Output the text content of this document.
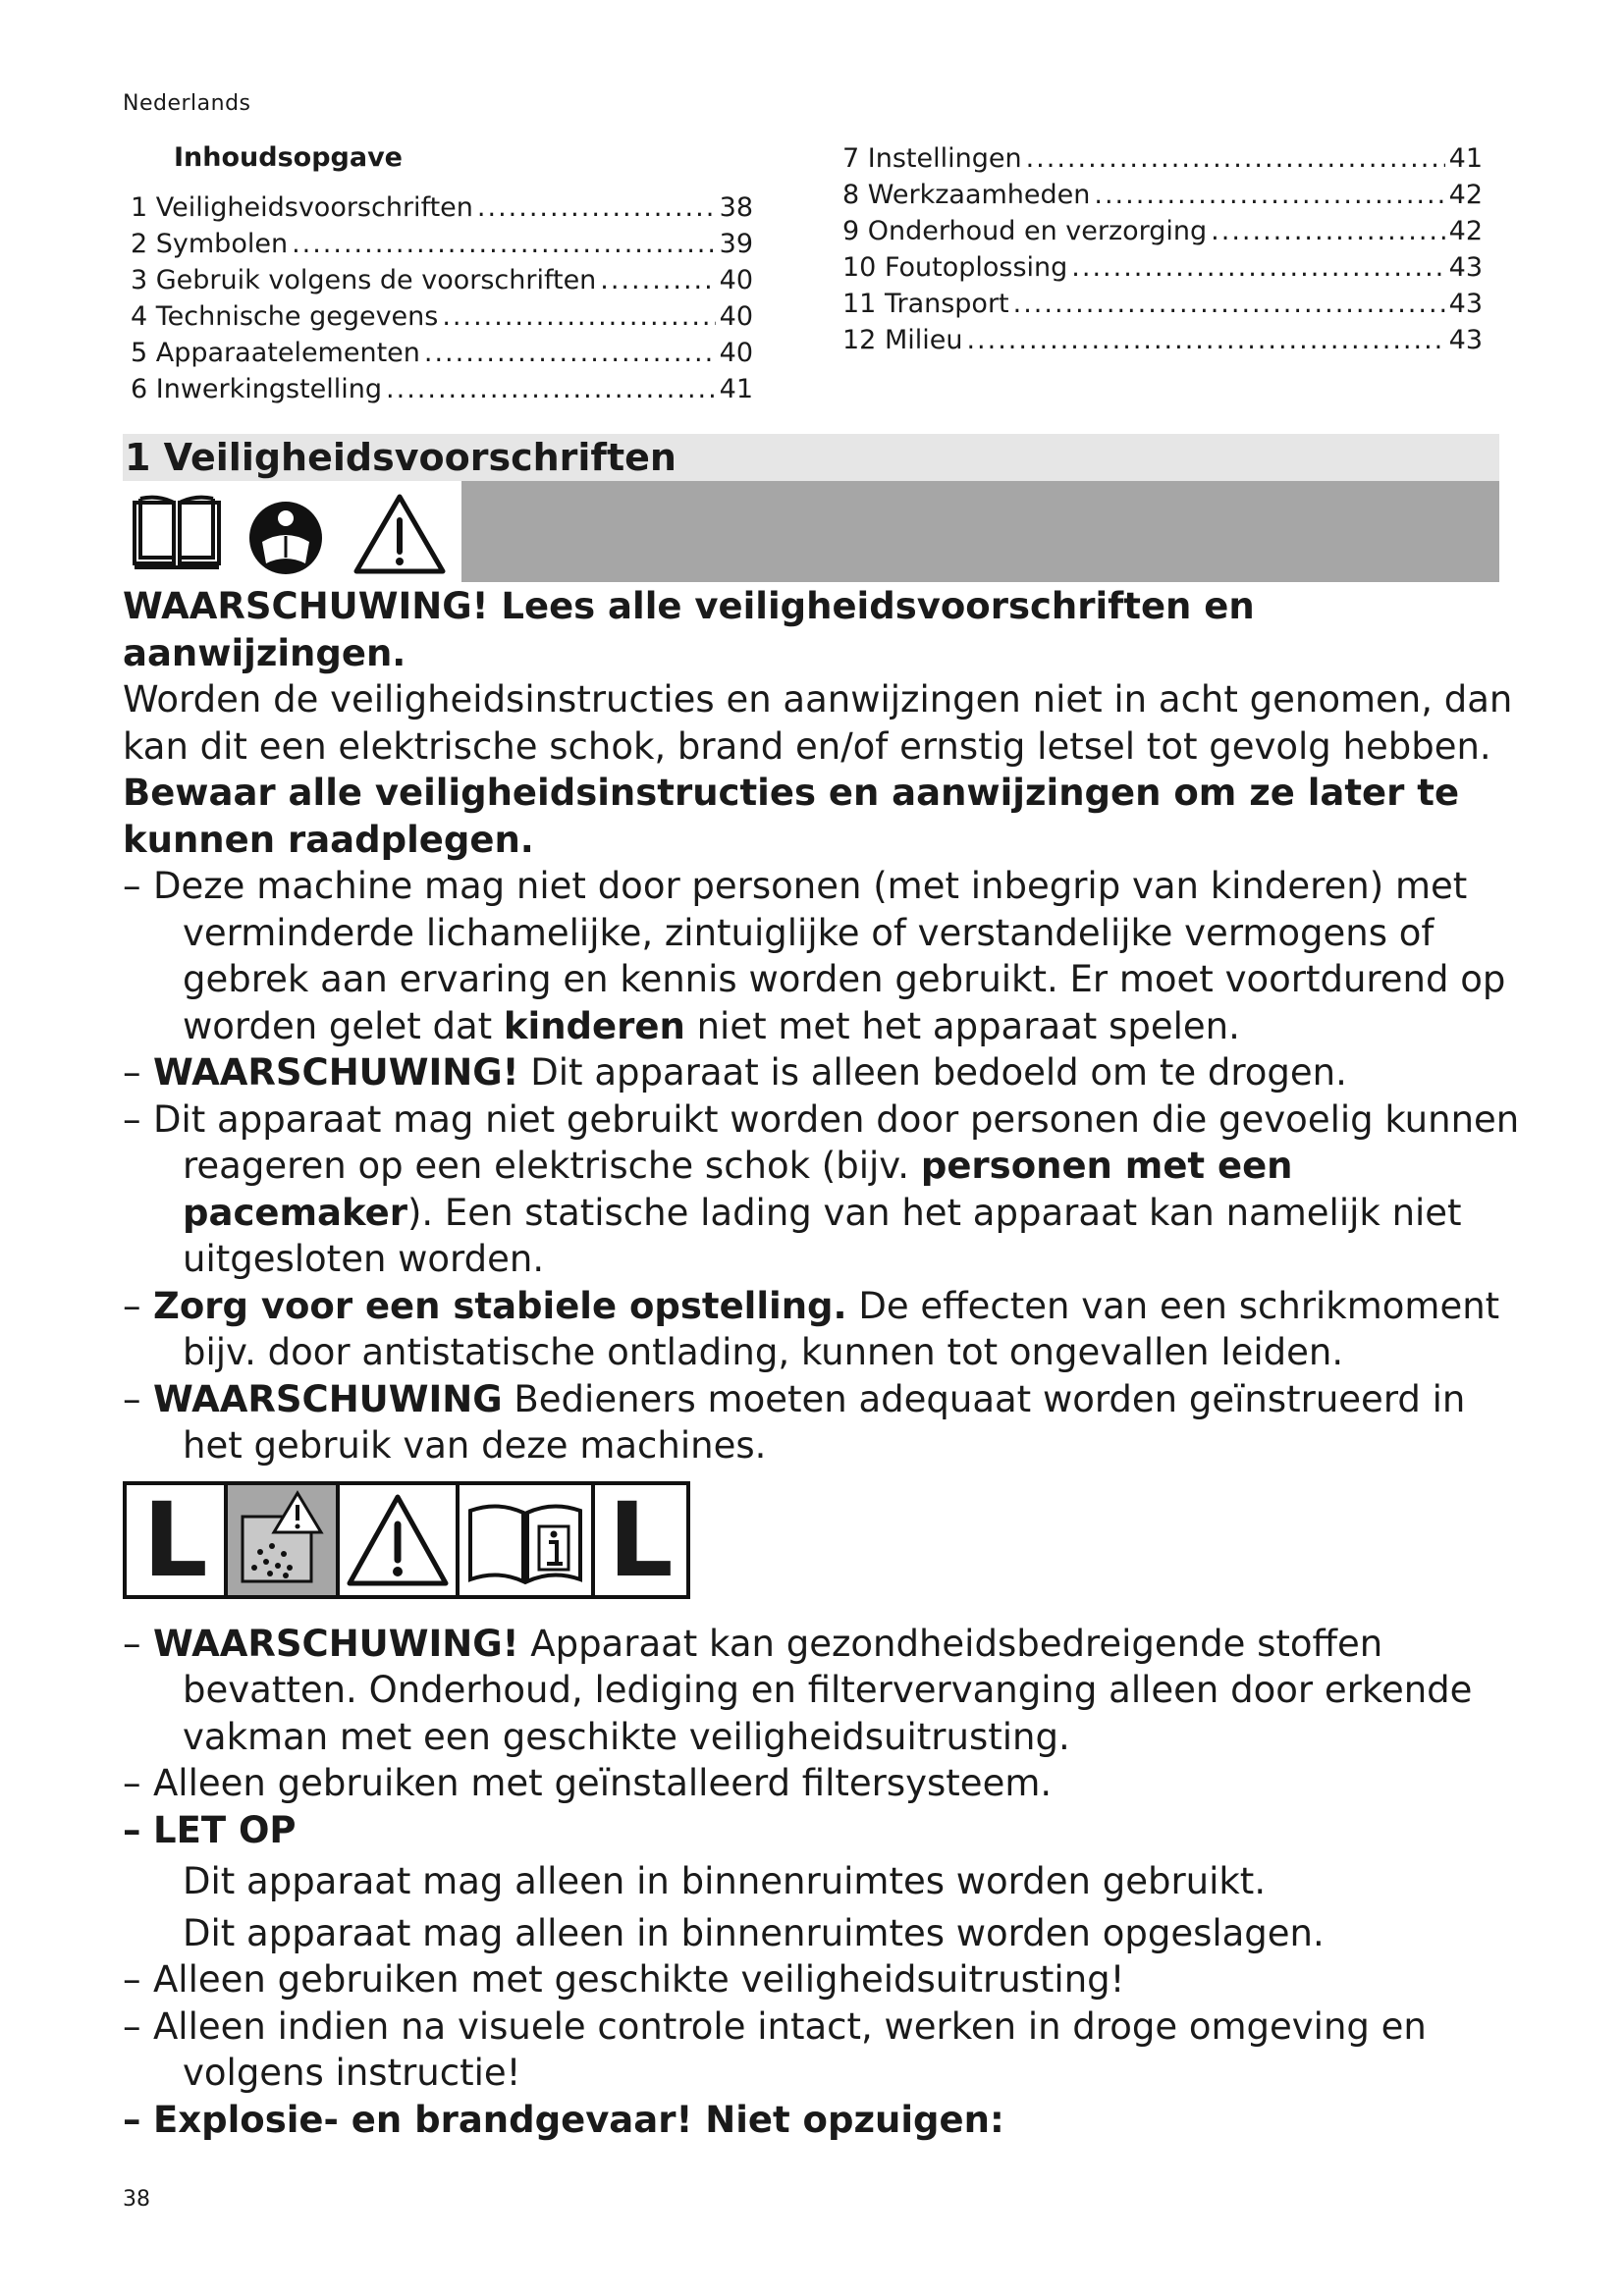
Nederlands
Inhoudsopgave
1 Veiligheidsvoorschriften .....	38
2 Symbolen .....	39
3 Gebruik volgens de voorschriften .....	40
4 Technische gegevens .....	40
5 Apparaatelementen .....	40
6 Inwerkingstelling .....	41
7 Instellingen .....	41
8 Werkzaamheden .....	42
9 Onderhoud en verzorging .....	42
10 Foutoplossing .....	43
11 Transport .....	43
12 Milieu .....	43
1 Veiligheidsvoorschriften

WAARSCHUWING! Lees alle veiligheidsvoorschriften en aanwijzingen.

Worden de veiligheidsinstructies en aanwijzingen niet in acht genomen, dan kan dit een elektrische schok, brand en/of ernstig letsel tot gevolg hebben.

Bewaar alle veiligheidsinstructies en aanwijzingen om ze later te kunnen raadplegen.

– Deze machine mag niet door personen (met inbegrip van kinderen) met verminderde lichamelijke, zintuiglijke of verstandelijke vermogens of gebrek aan ervaring en kennis worden gebruikt. Er moet voortdurend op worden gelet dat kinderen niet met het apparaat spelen.

– WAARSCHUWING! Dit apparaat is alleen bedoeld om te drogen.

– Dit apparaat mag niet gebruikt worden door personen die gevoelig kunnen reageren op een elektrische schok (bijv. personen met een pacemaker). Een statische lading van het apparaat kan namelijk niet uitgesloten worden.

– Zorg voor een stabiele opstelling. De effecten van een schrikmoment bijv. door antistatische ontlading, kunnen tot ongevallen leiden.

– WAARSCHUWING Bedieners moeten adequaat worden geïnstrueerd in het gebruik van deze machines.

L	L

– WAARSCHUWING! Apparaat kan gezondheidsbedreigende stoffen bevatten. Onderhoud, lediging en filtervervanging alleen door erkende vakman met een geschikte veiligheidsuitrusting.

– Alleen gebruiken met geïnstalleerd filtersysteem.

– LET OP

Dit apparaat mag alleen in binnenruimtes worden gebruikt.

Dit apparaat mag alleen in binnenruimtes worden opgeslagen.

– Alleen gebruiken met geschikte veiligheidsuitrusting!

– Alleen indien na visuele controle intact, werken in droge omgeving en volgens instructie!

– Explosie- en brandgevaar! Niet opzuigen:

38
